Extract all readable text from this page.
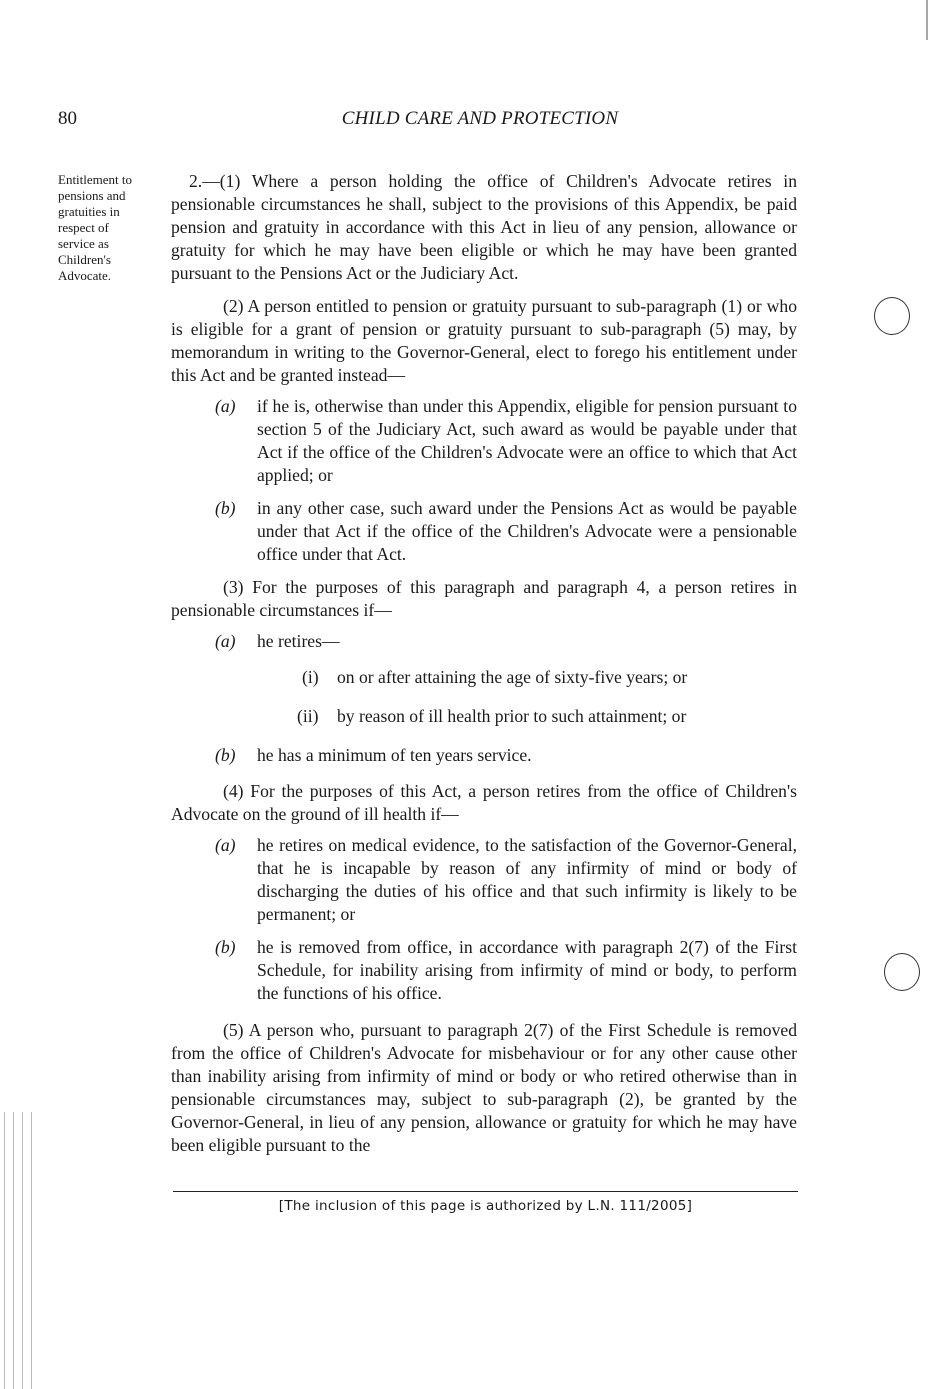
80	CHILD CARE AND PROTECTION
Entitlement to
pensions and
gratuities in
respect of
service as
Children's
Advocate.

2.—(1) Where a person holding the office of Children's Advocate retires in pensionable circumstances he shall, subject to the provisions of this Appendix, be paid pension and gratuity in accordance with this Act in lieu of any pension, allowance or gratuity for which he may have been eligible or which he may have been granted pursuant to the Pensions Act or the Judiciary Act.

(2) A person entitled to pension or gratuity pursuant to sub-paragraph (1) or who is eligible for a grant of pension or gratuity pursuant to sub-paragraph (5) may, by memorandum in writing to the Governor-General, elect to forego his entitlement under this Act and be granted instead—

(a) if he is, otherwise than under this Appendix, eligible for pension pursuant to section 5 of the Judiciary Act, such award as would be payable under that Act if the office of the Children's Advocate were an office to which that Act applied; or
(b) in any other case, such award under the Pensions Act as would be payable under that Act if the office of the Children's Advocate were a pensionable office under that Act.

(3) For the purposes of this paragraph and paragraph 4, a person retires in pensionable circumstances if—

(a) he retires—
(i) on or after attaining the age of sixty-five years; or
(ii) by reason of ill health prior to such attainment; or
(b) he has a minimum of ten years service.

(4) For the purposes of this Act, a person retires from the office of Children's Advocate on the ground of ill health if—

(a) he retires on medical evidence, to the satisfaction of the Governor-General, that he is incapable by reason of any infirmity of mind or body of discharging the duties of his office and that such infirmity is likely to be permanent; or
(b) he is removed from office, in accordance with paragraph 2(7) of the First Schedule, for inability arising from infirmity of mind or body, to perform the functions of his office.

(5) A person who, pursuant to paragraph 2(7) of the First Schedule is removed from the office of Children's Advocate for misbehaviour or for any other cause other than inability arising from infirmity of mind or body or who retired otherwise than in pensionable circumstances may, subject to sub-paragraph (2), be granted by the Governor-General, in lieu of any pension, allowance or gratuity for which he may have been eligible pursuant to the

[The inclusion of this page is authorized by L.N. 111/2005]
